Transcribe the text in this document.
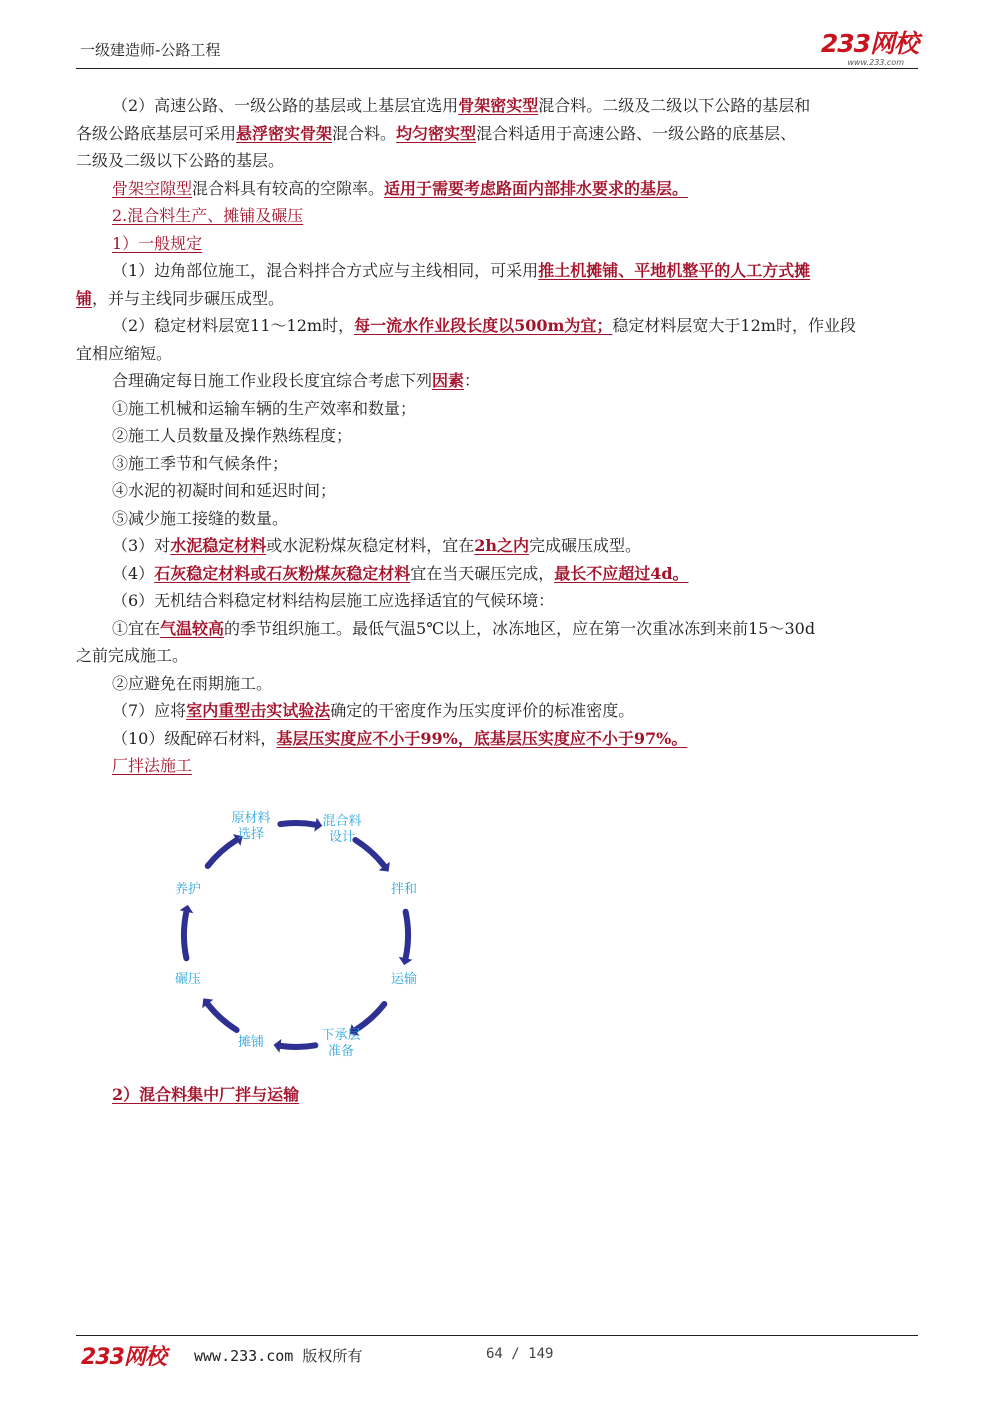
一级建造师-公路工程	233网校
www.233.com
（2）高速公路、一级公路的基层或上基层宜选用骨架密实型混合料。二级及二级以下公路的基层和
各级公路底基层可采用悬浮密实骨架混合料。均匀密实型混合料适用于高速公路、一级公路的底基层、
二级及二级以下公路的基层。
骨架空隙型混合料具有较高的空隙率。适用于需要考虑路面内部排水要求的基层。
2.混合料生产、摊铺及碾压
1）一般规定
（1）边角部位施工，混合料拌合方式应与主线相同，可采用推土机摊铺、平地机整平的人工方式摊
铺，并与主线同步碾压成型。
（2）稳定材料层宽11～12m时，每一流水作业段长度以500m为宜；稳定材料层宽大于12m时，作业段
宜相应缩短。
合理确定每日施工作业段长度宜综合考虑下列因素：
①施工机械和运输车辆的生产效率和数量；
②施工人员数量及操作熟练程度；
③施工季节和气候条件；
④水泥的初凝时间和延迟时间；
⑤减少施工接缝的数量。
（3）对水泥稳定材料或水泥粉煤灰稳定材料，宜在2h之内完成碾压成型。
（4）石灰稳定材料或石灰粉煤灰稳定材料宜在当天碾压完成，最长不应超过4d。
（6）无机结合料稳定材料结构层施工应选择适宜的气候环境：
①宜在气温较高的季节组织施工。最低气温5℃以上，冰冻地区，应在第一次重冰冻到来前15～30d
之前完成施工。
②应避免在雨期施工。
（7）应将室内重型击实试验法确定的干密度作为压实度评价的标准密度。
（10）级配碎石材料，基层压实度应不小于99%，底基层压实度应不小于97%。
厂拌法施工
原材料
选择
混合料
设计
拌和
运输
下承层
准备
摊铺
碾压
养护
2）混合料集中厂拌与运输
233网校 www.233.com 版权所有	64 / 149
